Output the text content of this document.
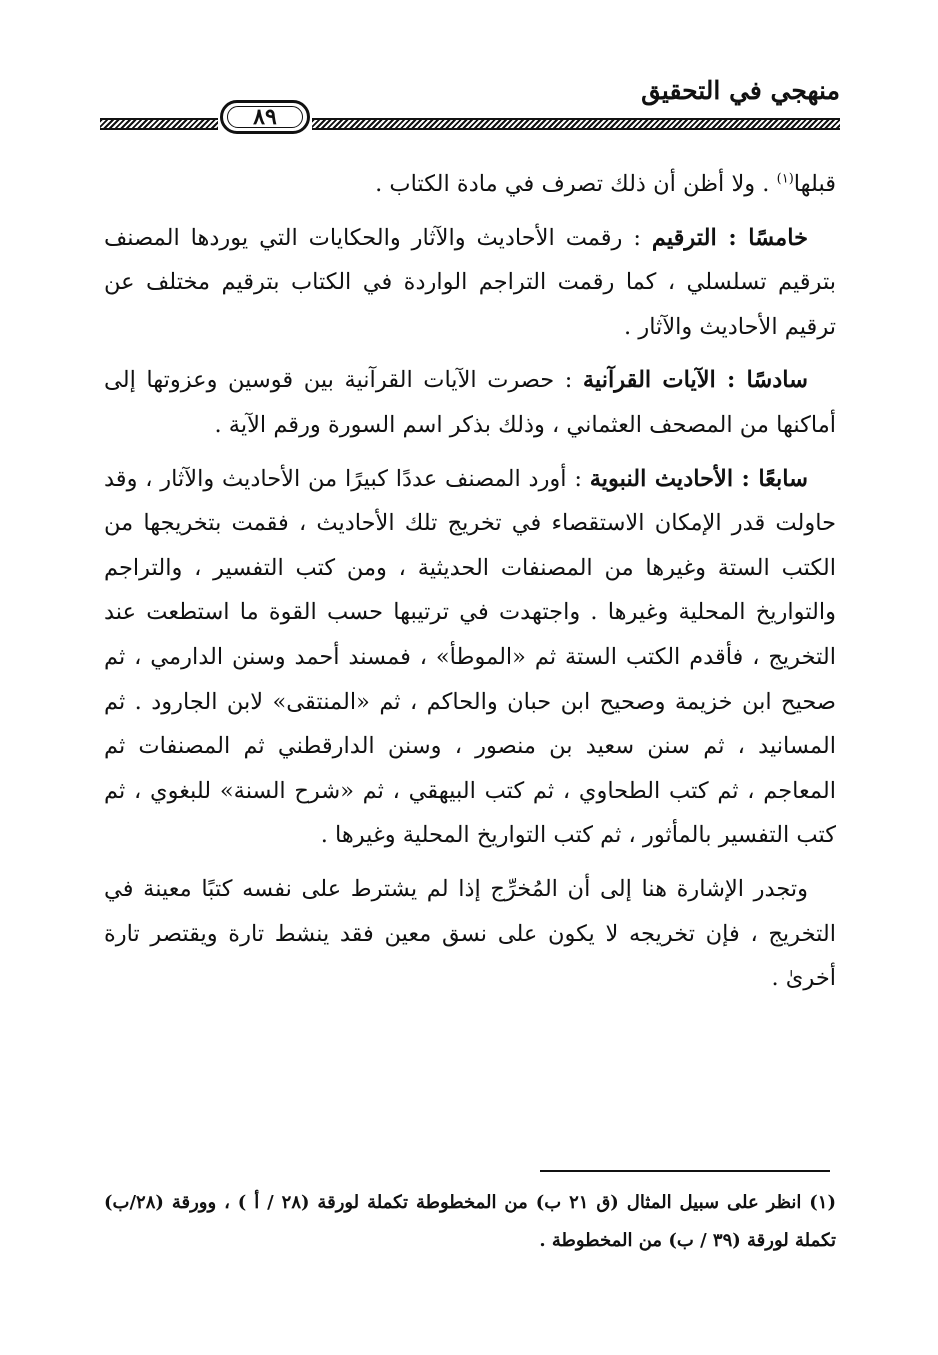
منهجي في التحقيق
٨٩

قبلها$^{(١)}$ . ولا أظن أن ذلك تصرف في مادة الكتاب .

خامسًا : الترقيم : رقمت الأحاديث والآثار والحكايات التي يوردها المصنف بترقيم تسلسلي ، كما رقمت التراجم الواردة في الكتاب بترقيم مختلف عن ترقيم الأحاديث والآثار .

سادسًا : الآيات القرآنية : حصرت الآيات القرآنية بين قوسين وعزوتها إلى أماكنها من المصحف العثماني ، وذلك بذكر اسم السورة ورقم الآية .

سابعًا : الأحاديث النبوية : أورد المصنف عددًا كبيرًا من الأحاديث والآثار ، وقد حاولت قدر الإمكان الاستقصاء في تخريج تلك الأحاديث ، فقمت بتخريجها من الكتب الستة وغيرها من المصنفات الحديثية ، ومن كتب التفسير ، والتراجم والتواريخ المحلية وغيرها . واجتهدت في ترتيبها حسب القوة ما استطعت عند التخريج ، فأقدم الكتب الستة ثم «الموطأ» ، فمسند أحمد وسنن الدارمي ، ثم صحيح ابن خزيمة وصحيح ابن حبان والحاكم ، ثم «المنتقى» لابن الجارود . ثم المسانيد ، ثم سنن سعيد بن منصور ، وسنن الدارقطني ثم المصنفات ثم المعاجم ، ثم كتب الطحاوي ، ثم كتب البيهقي ، ثم «شرح السنة» للبغوي ، ثم كتب التفسير بالمأثور ، ثم كتب التواريخ المحلية وغيرها .

وتجدر الإشارة هنا إلى أن المُخرِّج إذا لم يشترط على نفسه كتبًا معينة في التخريج ، فإن تخريجه لا يكون على نسق معين فقد ينشط تارة ويقتصر تارة أخرىٰ .

(١) انظر على سبيل المثال (ق ٢١ ب) من المخطوطة تكملة لورقة (٢٨ / أ ) ، وورقة (٢٨/ب) تكملة لورقة (٣٩ / ب) من المخطوطة .
